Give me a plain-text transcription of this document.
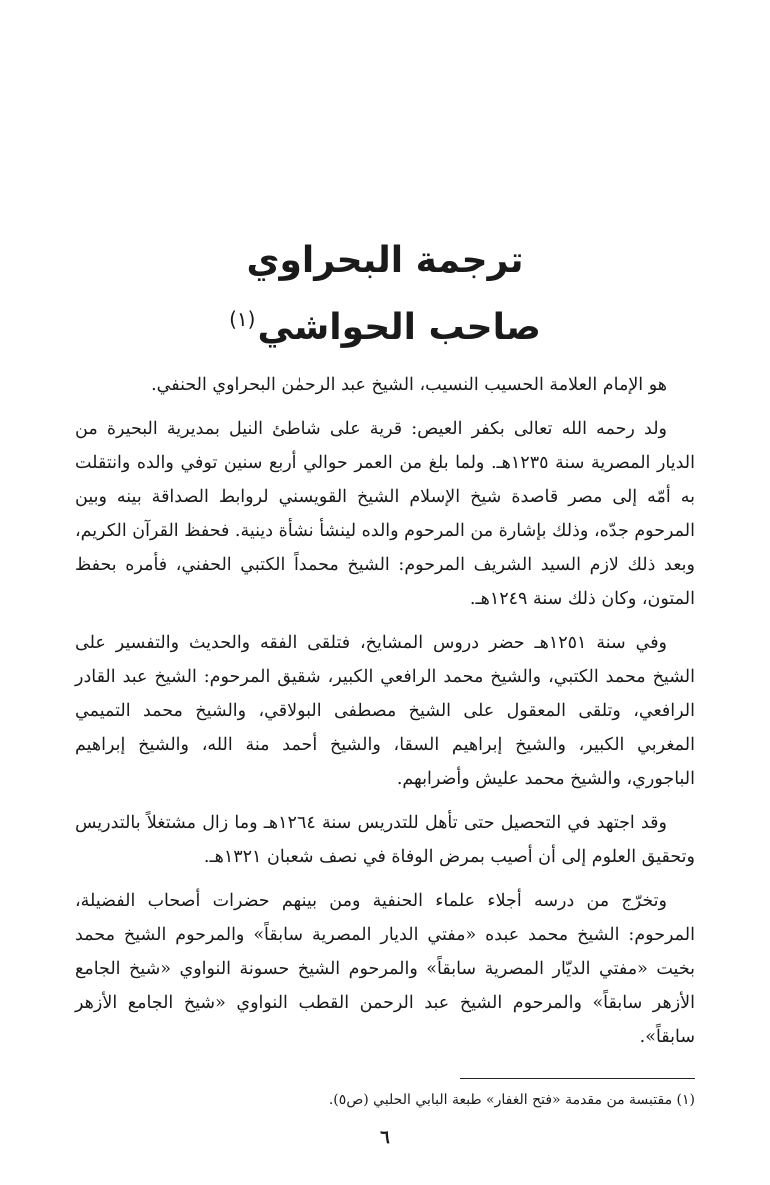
ترجمة البحراوي

صاحب الحواشي$^{(١)}$

هو الإمام العلامة الحسيب النسيب، الشيخ عبد الرحمٰن البحراوي الحنفي.

ولد رحمه الله تعالى بكفر العيص: قرية على شاطئ النيل بمديرية البحيرة من الديار المصرية سنة ١٢٣٥هـ. ولما بلغ من العمر حوالي أربع سنين توفي والده وانتقلت به أمّه إلى مصر قاصدة شيخ الإسلام الشيخ القويسني لروابط الصداقة بينه وبين المرحوم جدّه، وذلك بإشارة من المرحوم والده لينشأ نشأة دينية. فحفظ القرآن الكريم، وبعد ذلك لازم السيد الشريف المرحوم: الشيخ محمداً الكتبي الحفني، فأمره بحفظ المتون، وكان ذلك سنة ١٢٤٩هـ.

وفي سنة ١٢٥١هـ حضر دروس المشايخ، فتلقى الفقه والحديث والتفسير على الشيخ محمد الكتبي، والشيخ محمد الرافعي الكبير، شقيق المرحوم: الشيخ عبد القادر الرافعي، وتلقى المعقول على الشيخ مصطفى البولاقي، والشيخ محمد التميمي المغربي الكبير، والشيخ إبراهيم السقا، والشيخ أحمد منة الله، والشيخ إبراهيم الباجوري، والشيخ محمد عليش وأضرابهم.

وقد اجتهد في التحصيل حتى تأهل للتدريس سنة ١٢٦٤هـ وما زال مشتغلاً بالتدريس وتحقيق العلوم إلى أن أصيب بمرض الوفاة في نصف شعبان ١٣٢١هـ.

وتخرّج من درسه أجلاء علماء الحنفية ومن بينهم حضرات أصحاب الفضيلة، المرحوم: الشيخ محمد عبده «مفتي الديار المصرية سابقاً» والمرحوم الشيخ محمد بخيت «مفتي الديّار المصرية سابقاً» والمرحوم الشيخ حسونة النواوي «شيخ الجامع الأزهر سابقاً» والمرحوم الشيخ عبد الرحمن القطب النواوي «شيخ الجامع الأزهر سابقاً».

(١) مقتبسة من مقدمة «فتح الغفار» طبعة البابي الحلبي (ص٥).
٦
